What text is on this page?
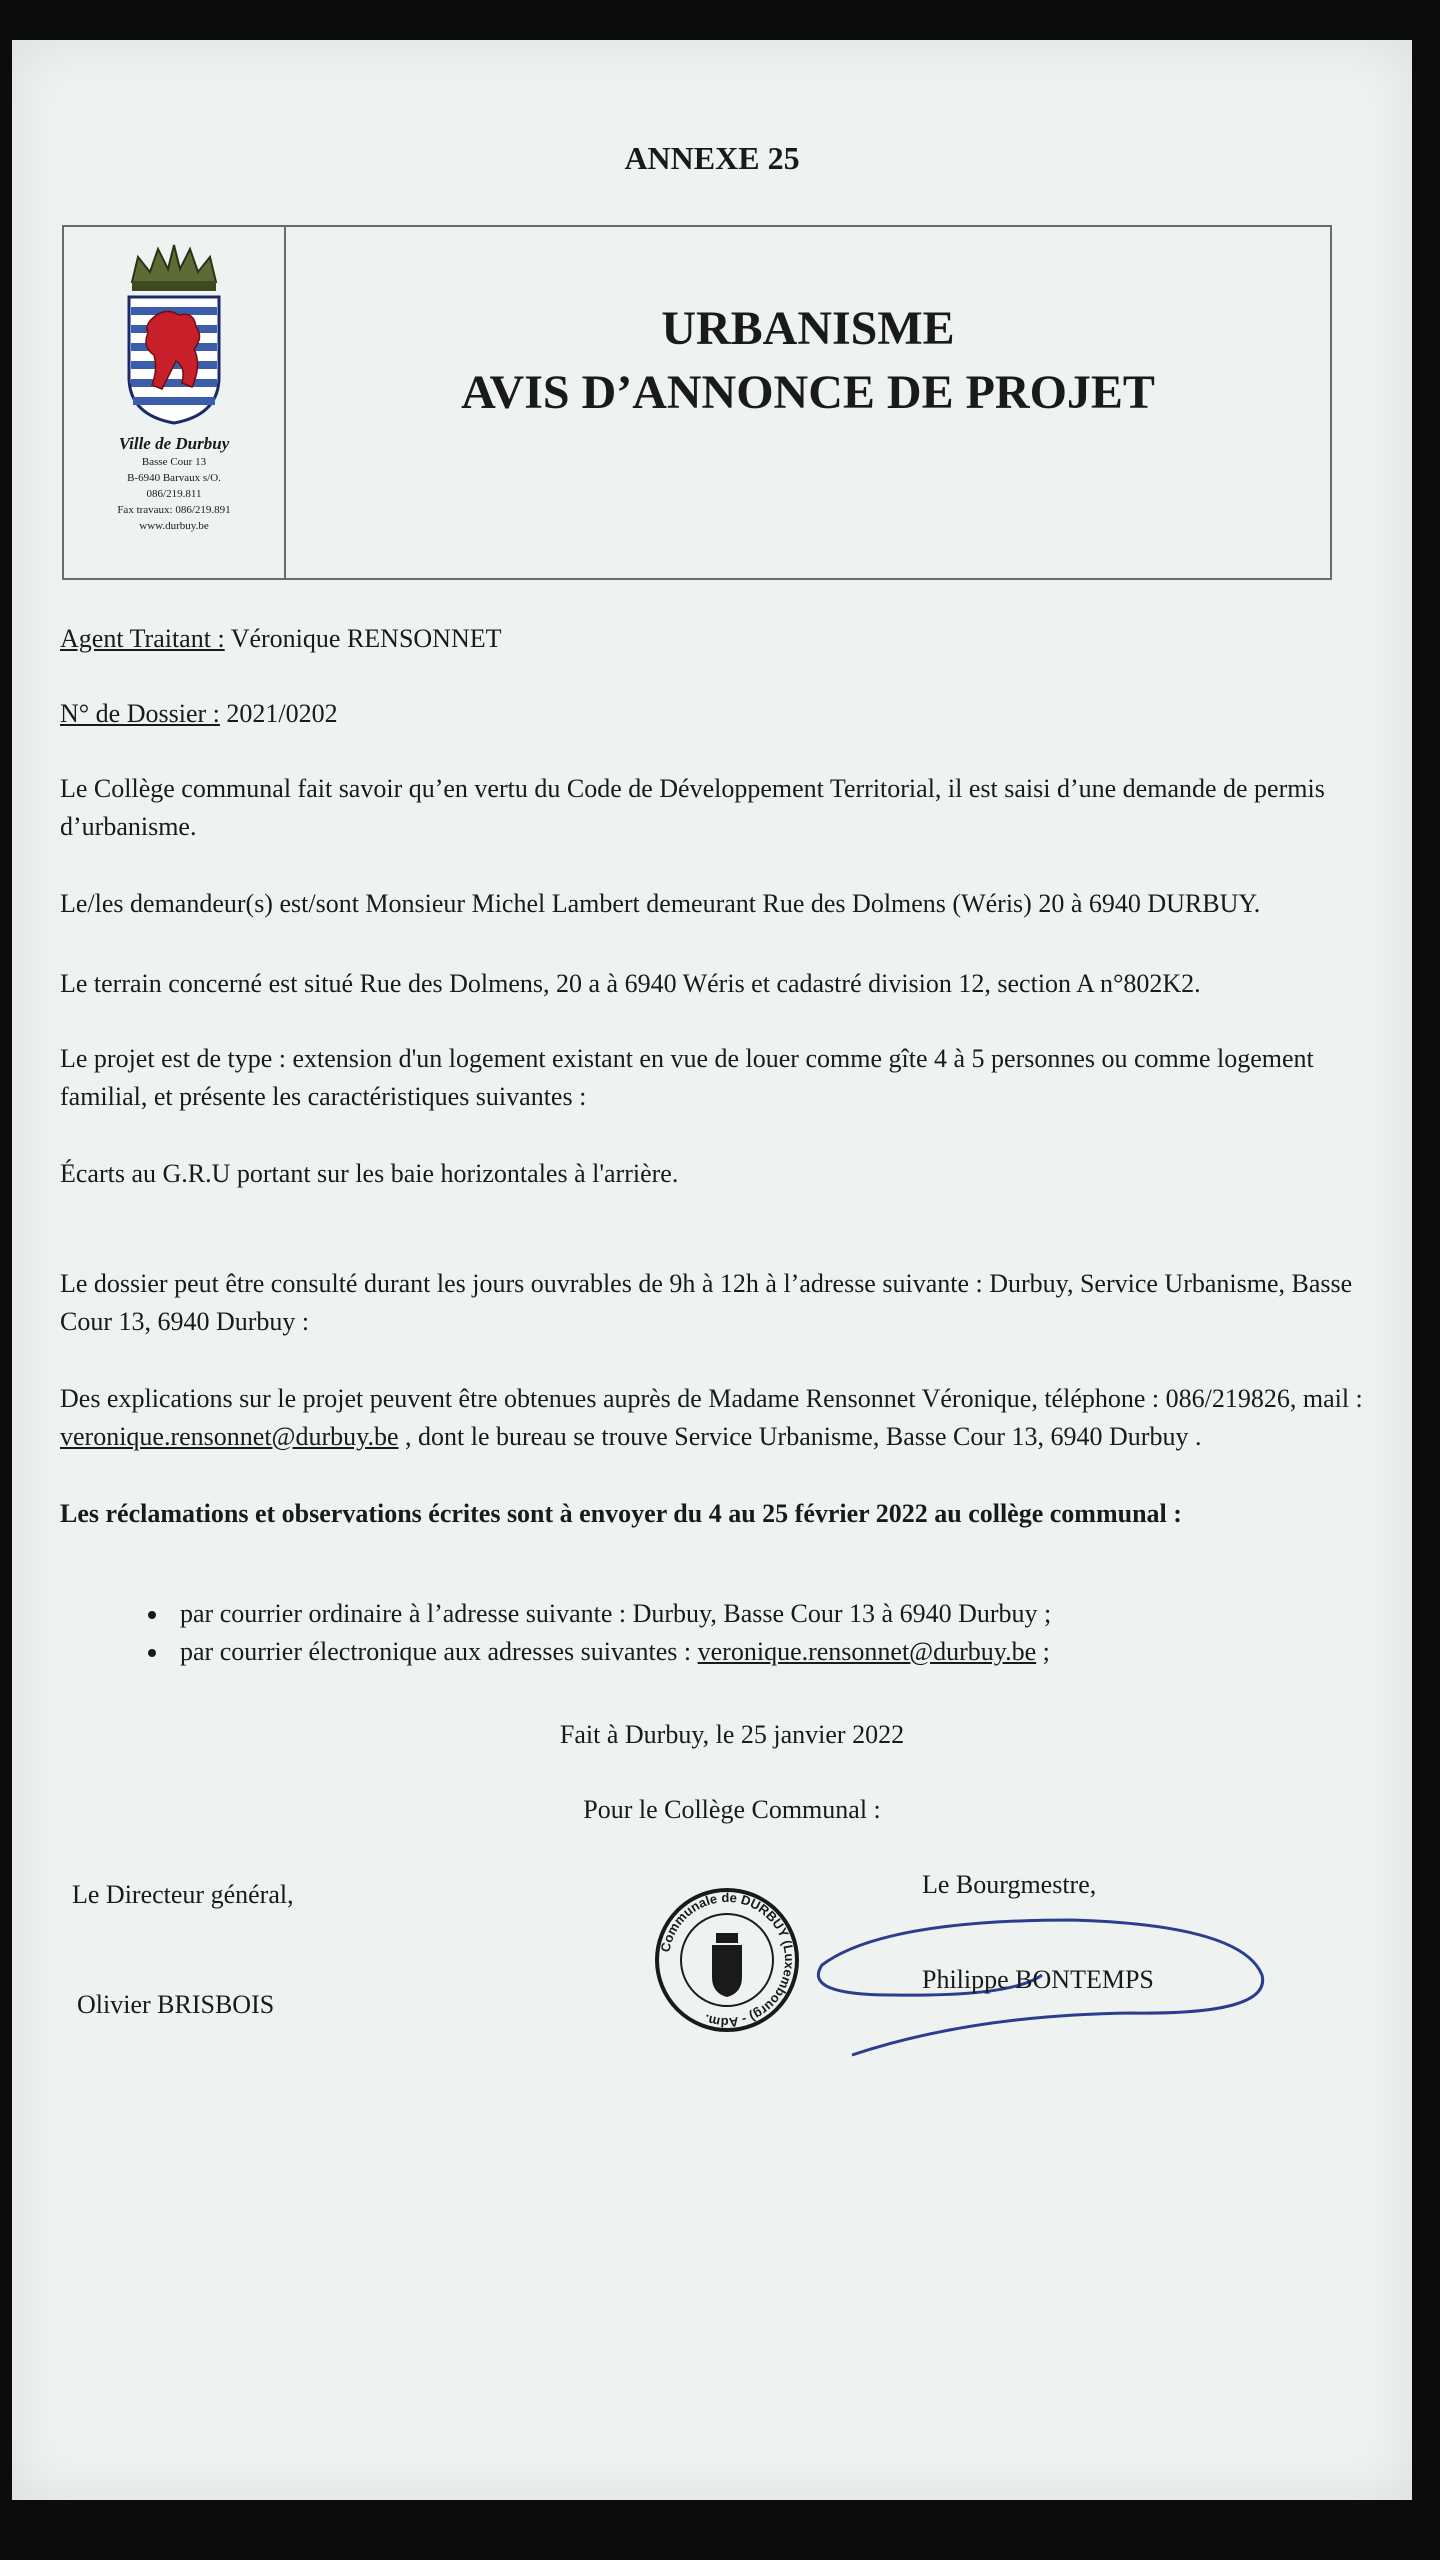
ANNEXE 25
Ville de Durbuy
Basse Cour 13
B-6940 Barvaux s/O.
086/219.811
Fax travaux: 086/219.891
www.durbuy.be
URBANISME
AVIS D’ANNONCE DE PROJET
Agent Traitant : Véronique RENSONNET
N° de Dossier : 2021/0202
Le Collège communal fait savoir qu’en vertu du Code de Développement Territorial, il est saisi d’une demande de permis d’urbanisme.
Le/les demandeur(s) est/sont Monsieur Michel Lambert demeurant Rue des Dolmens (Wéris) 20 à 6940 DURBUY.
Le terrain concerné est situé Rue des Dolmens, 20 a à 6940 Wéris et cadastré division 12, section A n°802K2.
Le projet est de type : extension d'un logement existant en vue de louer comme gîte 4 à 5 personnes ou comme logement familial, et présente les caractéristiques suivantes :
Écarts au G.R.U portant sur les baie horizontales à l'arrière.
Le dossier peut être consulté durant les jours ouvrables de 9h à 12h à l’adresse suivante : Durbuy, Service Urbanisme, Basse Cour 13, 6940 Durbuy :
Des explications sur le projet peuvent être obtenues auprès de Madame Rensonnet Véronique, téléphone : 086/219826, mail : veronique.rensonnet@durbuy.be , dont le bureau se trouve Service Urbanisme, Basse Cour 13, 6940 Durbuy .
Les réclamations et observations écrites sont à envoyer du 4 au 25 février 2022 au collège communal :
• par courrier ordinaire à l’adresse suivante : Durbuy, Basse Cour 13 à 6940 Durbuy ;
• par courrier électronique aux adresses suivantes : veronique.rensonnet@durbuy.be ;
Fait à Durbuy, le 25 janvier 2022
Pour le Collège Communal :
Le Directeur général,
Olivier BRISBOIS
Le Bourgmestre,
Philippe BONTEMPS
Communale de DURBUY (Luxembourg) - Adm.
